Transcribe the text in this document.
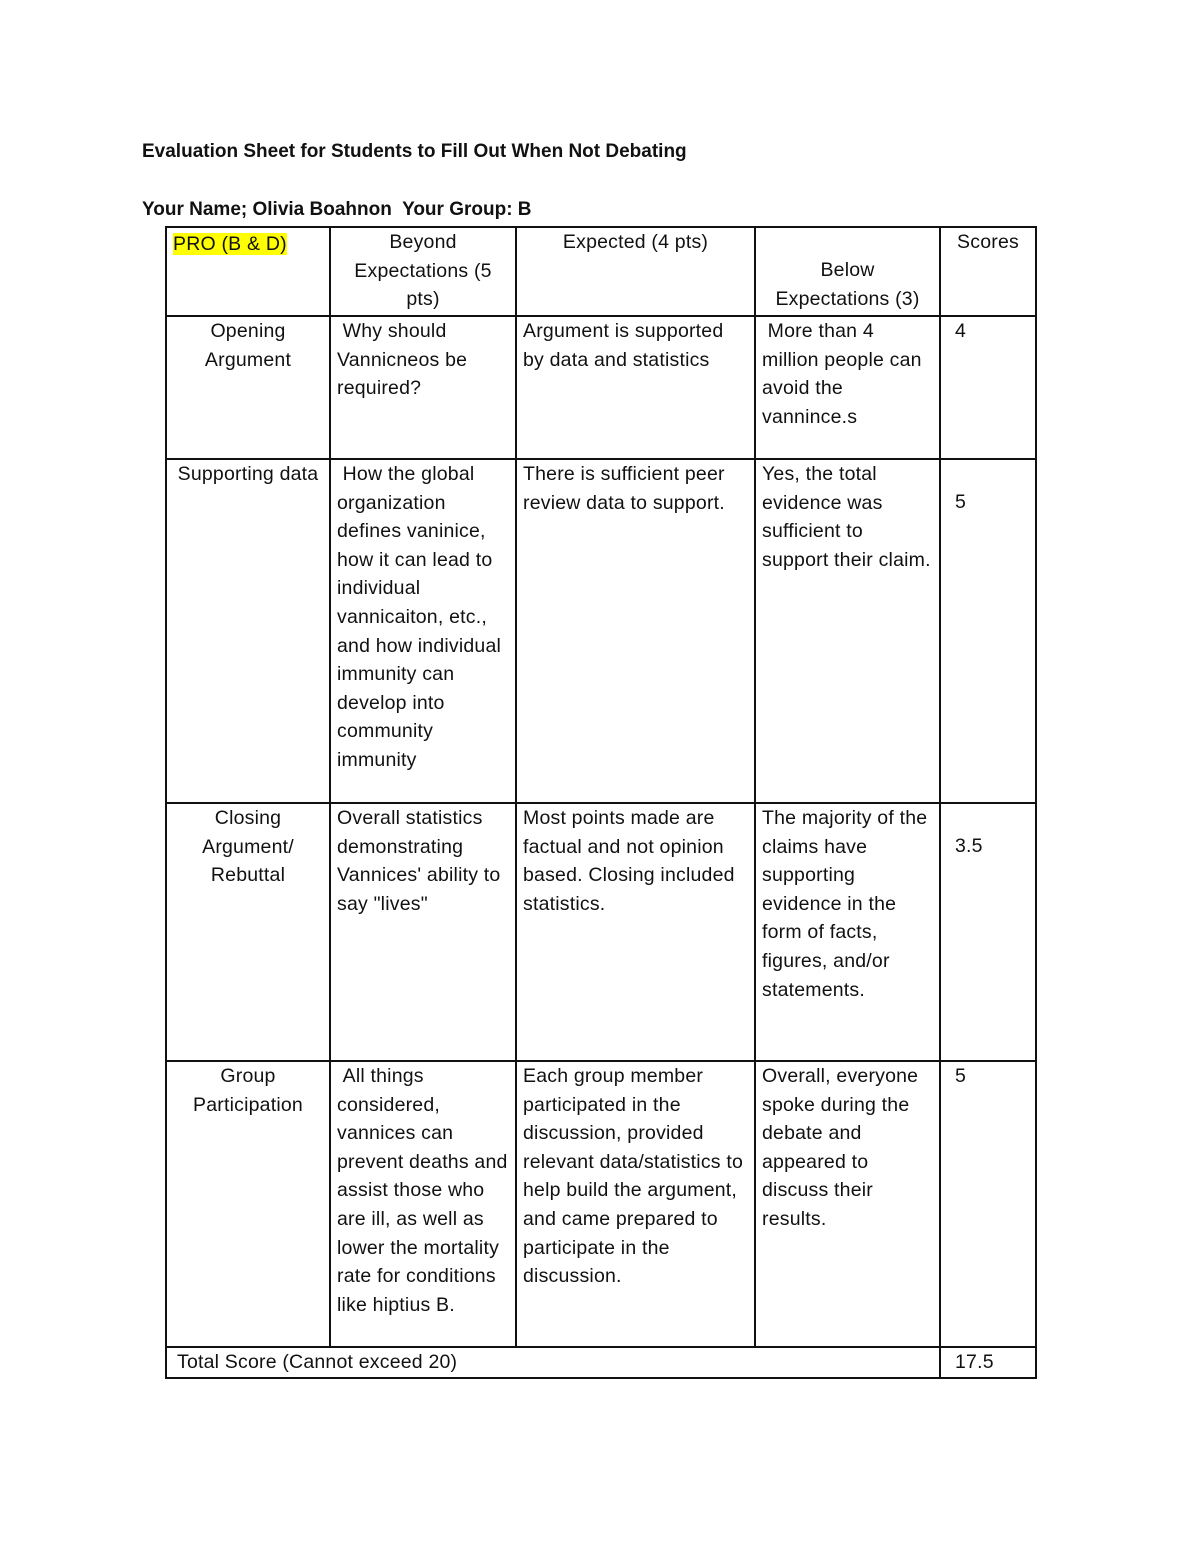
Evaluation Sheet for Students to Fill Out When Not Debating
Your Name; Olivia Boahnon  Your Group: B
PRO (B & D)	Beyond Expectations (5 pts)	Expected (4 pts)	Below Expectations (3)	Scores
Opening Argument	Why should Vannicneos be required?	Argument is supported by data and statistics	More than 4 million people can avoid the vannince.s	4
Supporting data	How the global organization defines vaninice, how it can lead to individual vannicaiton, etc., and how individual immunity can develop into community immunity	There is sufficient peer review data to support.	Yes, the total evidence was sufficient to support their claim.	5
Closing Argument/ Rebuttal	Overall statistics demonstrating Vannices' ability to say "lives"	Most points made are factual and not opinion based. Closing included statistics.	The majority of the claims have supporting evidence in the form of facts, figures, and/or statements.	3.5
Group Participation	All things considered, vannices can prevent deaths and assist those who are ill, as well as lower the mortality rate for conditions like hiptius B.	Each group member participated in the discussion, provided relevant data/statistics to help build the argument, and came prepared to participate in the discussion.	Overall, everyone spoke during the debate and appeared to discuss their results.	5
Total Score (Cannot exceed 20)				17.5
